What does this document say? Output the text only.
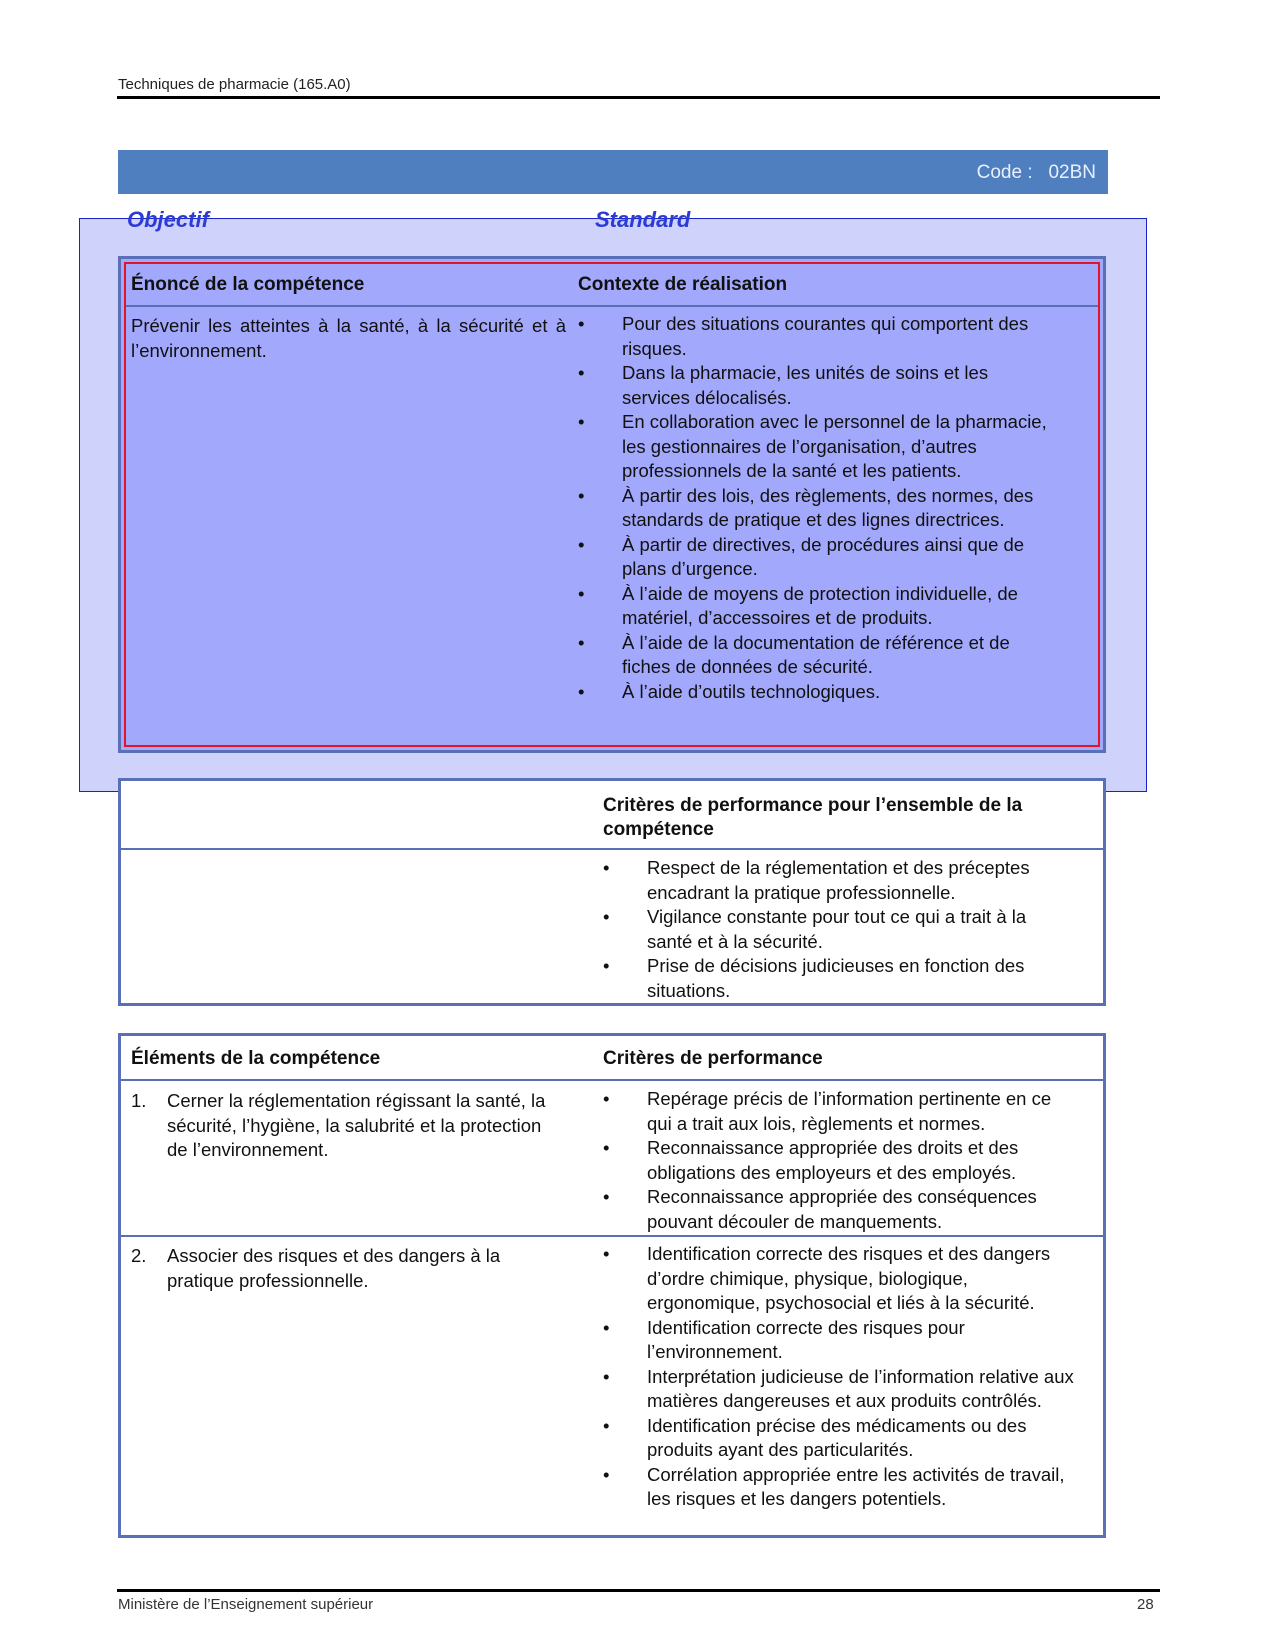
Techniques de pharmacie (165.A0)
Code : 02BN
Objectif	Standard
Énoncé de la compétence	Contexte de réalisation
Prévenir les atteintes à la santé, à la sécurité et à l’environnement.
•	Pour des situations courantes qui comportent des risques.
•	Dans la pharmacie, les unités de soins et les services délocalisés.
•	En collaboration avec le personnel de la pharmacie, les gestionnaires de l’organisation, d’autres professionnels de la santé et les patients.
•	À partir des lois, des règlements, des normes, des standards de pratique et des lignes directrices.
•	À partir de directives, de procédures ainsi que de plans d’urgence.
•	À l’aide de moyens de protection individuelle, de matériel, d’accessoires et de produits.
•	À l’aide de la documentation de référence et de fiches de données de sécurité.
•	À l’aide d’outils technologiques.
Critères de performance pour l’ensemble de la compétence
•	Respect de la réglementation et des préceptes encadrant la pratique professionnelle.
•	Vigilance constante pour tout ce qui a trait à la santé et à la sécurité.
•	Prise de décisions judicieuses en fonction des situations.
Éléments de la compétence	Critères de performance
1. Cerner la réglementation régissant la santé, la sécurité, l’hygiène, la salubrité et la protection de l’environnement.
•	Repérage précis de l’information pertinente en ce qui a trait aux lois, règlements et normes.
•	Reconnaissance appropriée des droits et des obligations des employeurs et des employés.
•	Reconnaissance appropriée des conséquences pouvant découler de manquements.
2. Associer des risques et des dangers à la pratique professionnelle.
•	Identification correcte des risques et des dangers d’ordre chimique, physique, biologique, ergonomique, psychosocial et liés à la sécurité.
•	Identification correcte des risques pour l’environnement.
•	Interprétation judicieuse de l’information relative aux matières dangereuses et aux produits contrôlés.
•	Identification précise des médicaments ou des produits ayant des particularités.
•	Corrélation appropriée entre les activités de travail, les risques et les dangers potentiels.
Ministère de l’Enseignement supérieur	28
